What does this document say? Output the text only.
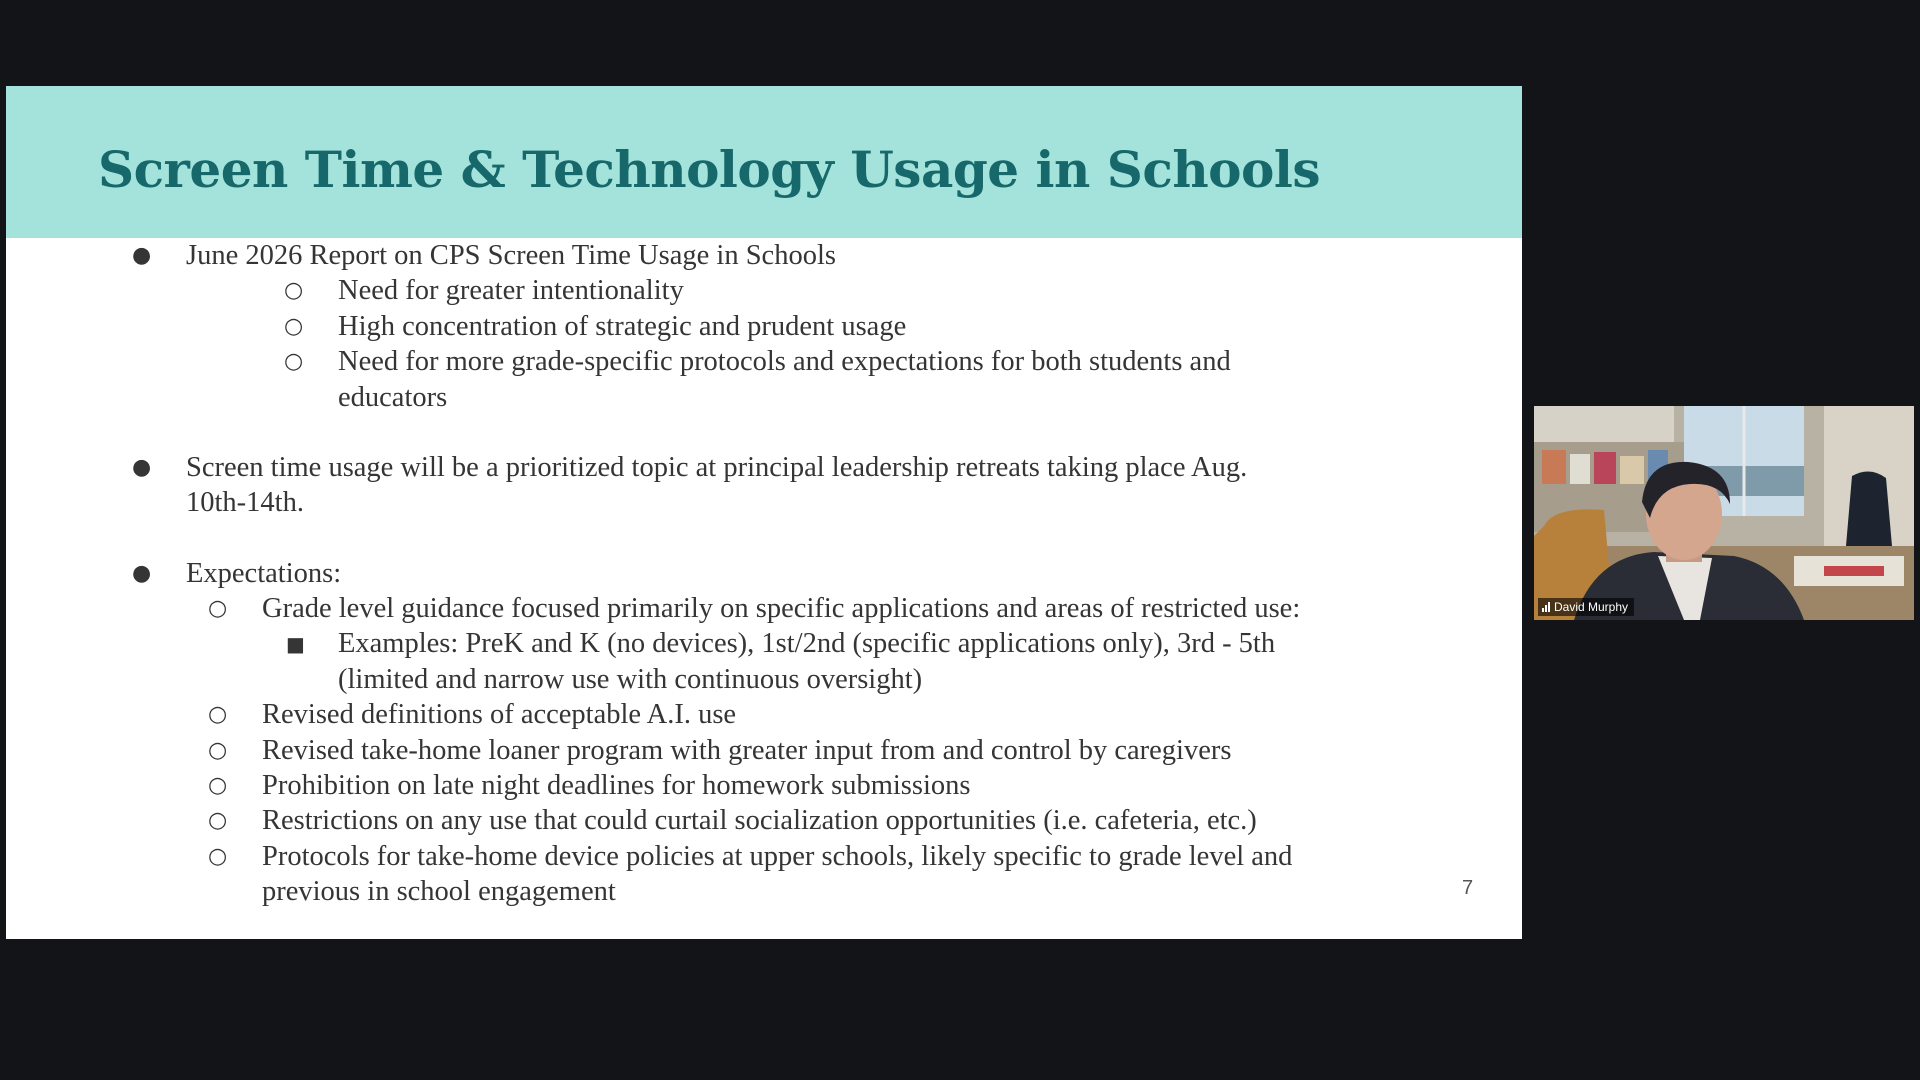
Screen Time & Technology Usage in Schools
● June 2026 Report on CPS Screen Time Usage in Schools
○ Need for greater intentionality
○ High concentration of strategic and prudent usage
○ Need for more grade-specific protocols and expectations for both students and
educators
● Screen time usage will be a prioritized topic at principal leadership retreats taking place Aug.
10th-14th.
● Expectations:
○ Grade level guidance focused primarily on specific applications and areas of restricted use:
■ Examples: PreK and K (no devices), 1st/2nd (specific applications only), 3rd - 5th
(limited and narrow use with continuous oversight)
○ Revised definitions of acceptable A.I. use
○ Revised take-home loaner program with greater input from and control by caregivers
○ Prohibition on late night deadlines for homework submissions
○ Restrictions on any use that could curtail socialization opportunities (i.e. cafeteria, etc.)
○ Protocols for take-home device policies at upper schools, likely specific to grade level and
previous in school engagement	7
David Murphy
